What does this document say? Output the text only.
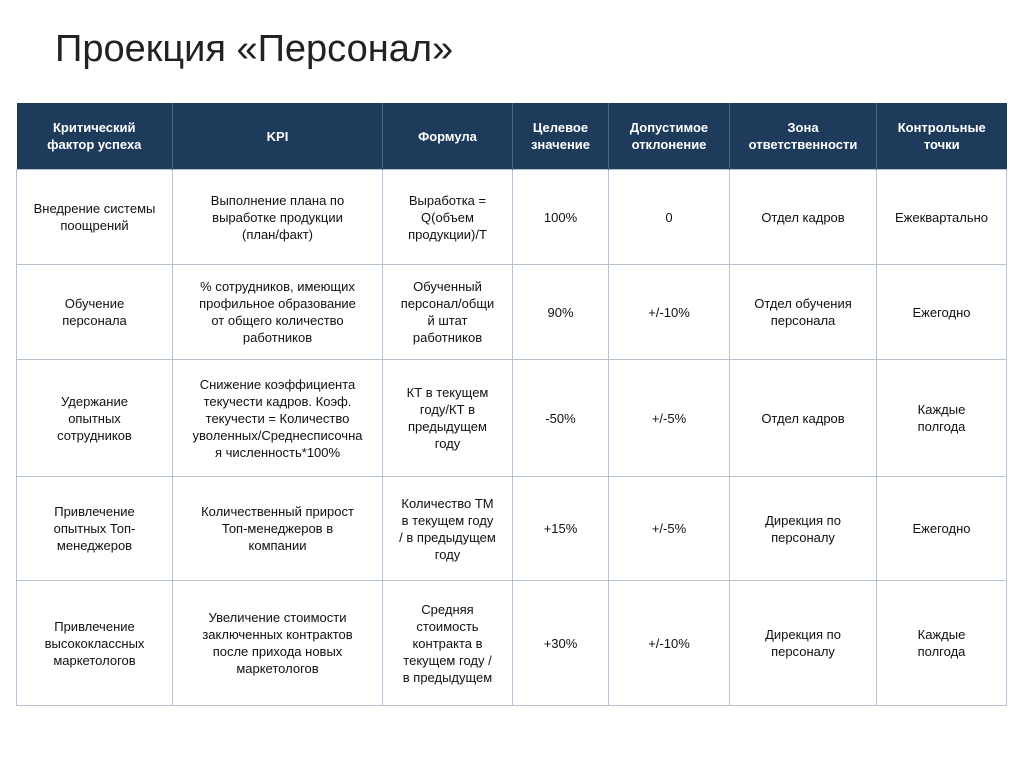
Проекция «Персонал»
Критический
фактор успеха	KPI	Формула	Целевое
значение	Допустимое
отклонение	Зона
ответственности	Контрольные
точки

Внедрение системы
поощрений	Выполнение плана по
выработке продукции
(план/факт)	Выработка =
Q(объем
продукции)/Т	100%	0	Отдел кадров	Ежеквартально

Обучение
персонала	% сотрудников, имеющих
профильное образование
от общего количество
работников	Обученный
персонал/общи
й штат
работников	90%	+/-10%	Отдел обучения
персонала	Ежегодно

Удержание
опытных
сотрудников	Снижение коэффициента
текучести кадров. Коэф.
текучести = Количество
уволенных/Среднесписочна
я численность*100%	КТ в текущем
году/КТ в
предыдущем
году	-50%	+/-5%	Отдел кадров	Каждые
полгода

Привлечение
опытных Топ-
менеджеров	Количественный прирост
Топ-менеджеров в
компании	Количество ТМ
в текущем году
/ в предыдущем
году	+15%	+/-5%	Дирекция по
персоналу	Ежегодно

Привлечение
высококлассных
маркетологов	Увеличение стоимости
заключенных контрактов
после прихода новых
маркетологов	Средняя
стоимость
контракта в
текущем году /
в предыдущем	+30%	+/-10%	Дирекция по
персоналу	Каждые
полгода
